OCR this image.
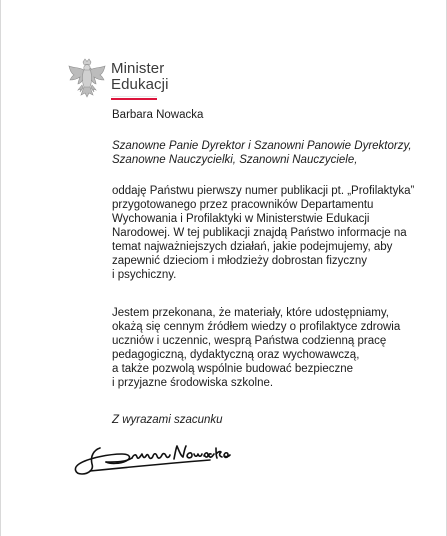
Minister
Edukacji
Barbara Nowacka
Szanowne Panie Dyrektor i Szanowni Panowie Dyrektorzy,
Szanowne Nauczycielki, Szanowni Nauczyciele,
oddaję Państwu pierwszy numer publikacji pt. „Profilaktyka”
przygotowanego przez pracowników Departamentu
Wychowania i Profilaktyki w Ministerstwie Edukacji
Narodowej. W tej publikacji znajdą Państwo informacje na
temat najważniejszych działań, jakie podejmujemy, aby
zapewnić dzieciom i młodzieży dobrostan fizyczny
i psychiczny.
Jestem przekonana, że materiały, które udostępniamy,
okażą się cennym źródłem wiedzy o profilaktyce zdrowia
uczniów i uczennic, wesprą Państwa codzienną pracę
pedagogiczną, dydaktyczną oraz wychowawczą,
a także pozwolą wspólnie budować bezpieczne
i przyjazne środowiska szkolne.
Z wyrazami szacunku
